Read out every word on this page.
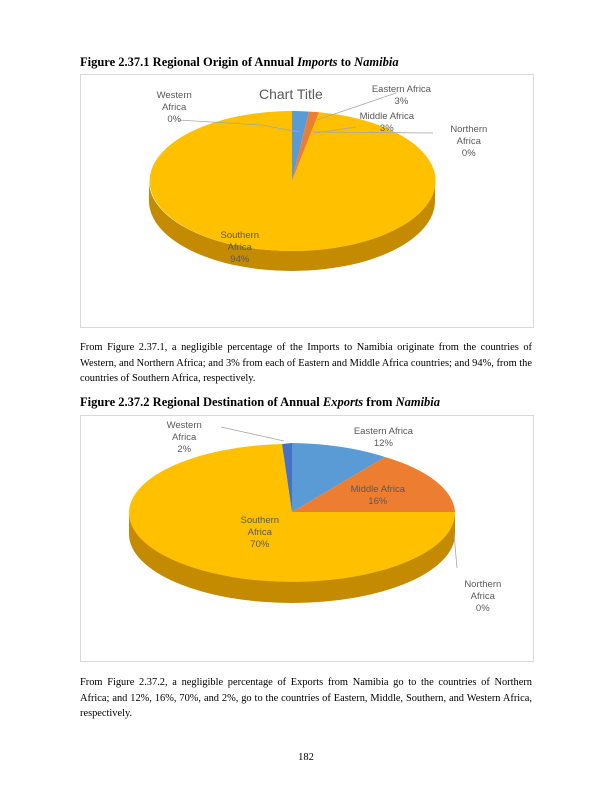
Figure 2.37.1 Regional Origin of Annual Imports to Namibia
Chart Title
Western Africa 0%
Eastern Africa 3%
Middle Africa 3%	Northern Africa 0%
Southern Africa 94%

From Figure 2.37.1, a negligible percentage of the Imports to Namibia originate from the countries of Western, and Northern Africa; and 3% from each of Eastern and Middle Africa countries; and 94%, from the countries of Southern Africa, respectively.

Figure 2.37.2 Regional Destination of Annual Exports from Namibia
Western Africa 2%
Eastern Africa 12%
Middle Africa 16%
Northern Africa 0%
Southern Africa 70%

From Figure 2.37.2, a negligible percentage of Exports from Namibia go to the countries of Northern Africa; and 12%, 16%, 70%, and 2%, go to the countries of Eastern, Middle, Southern, and Western Africa, respectively.

182
